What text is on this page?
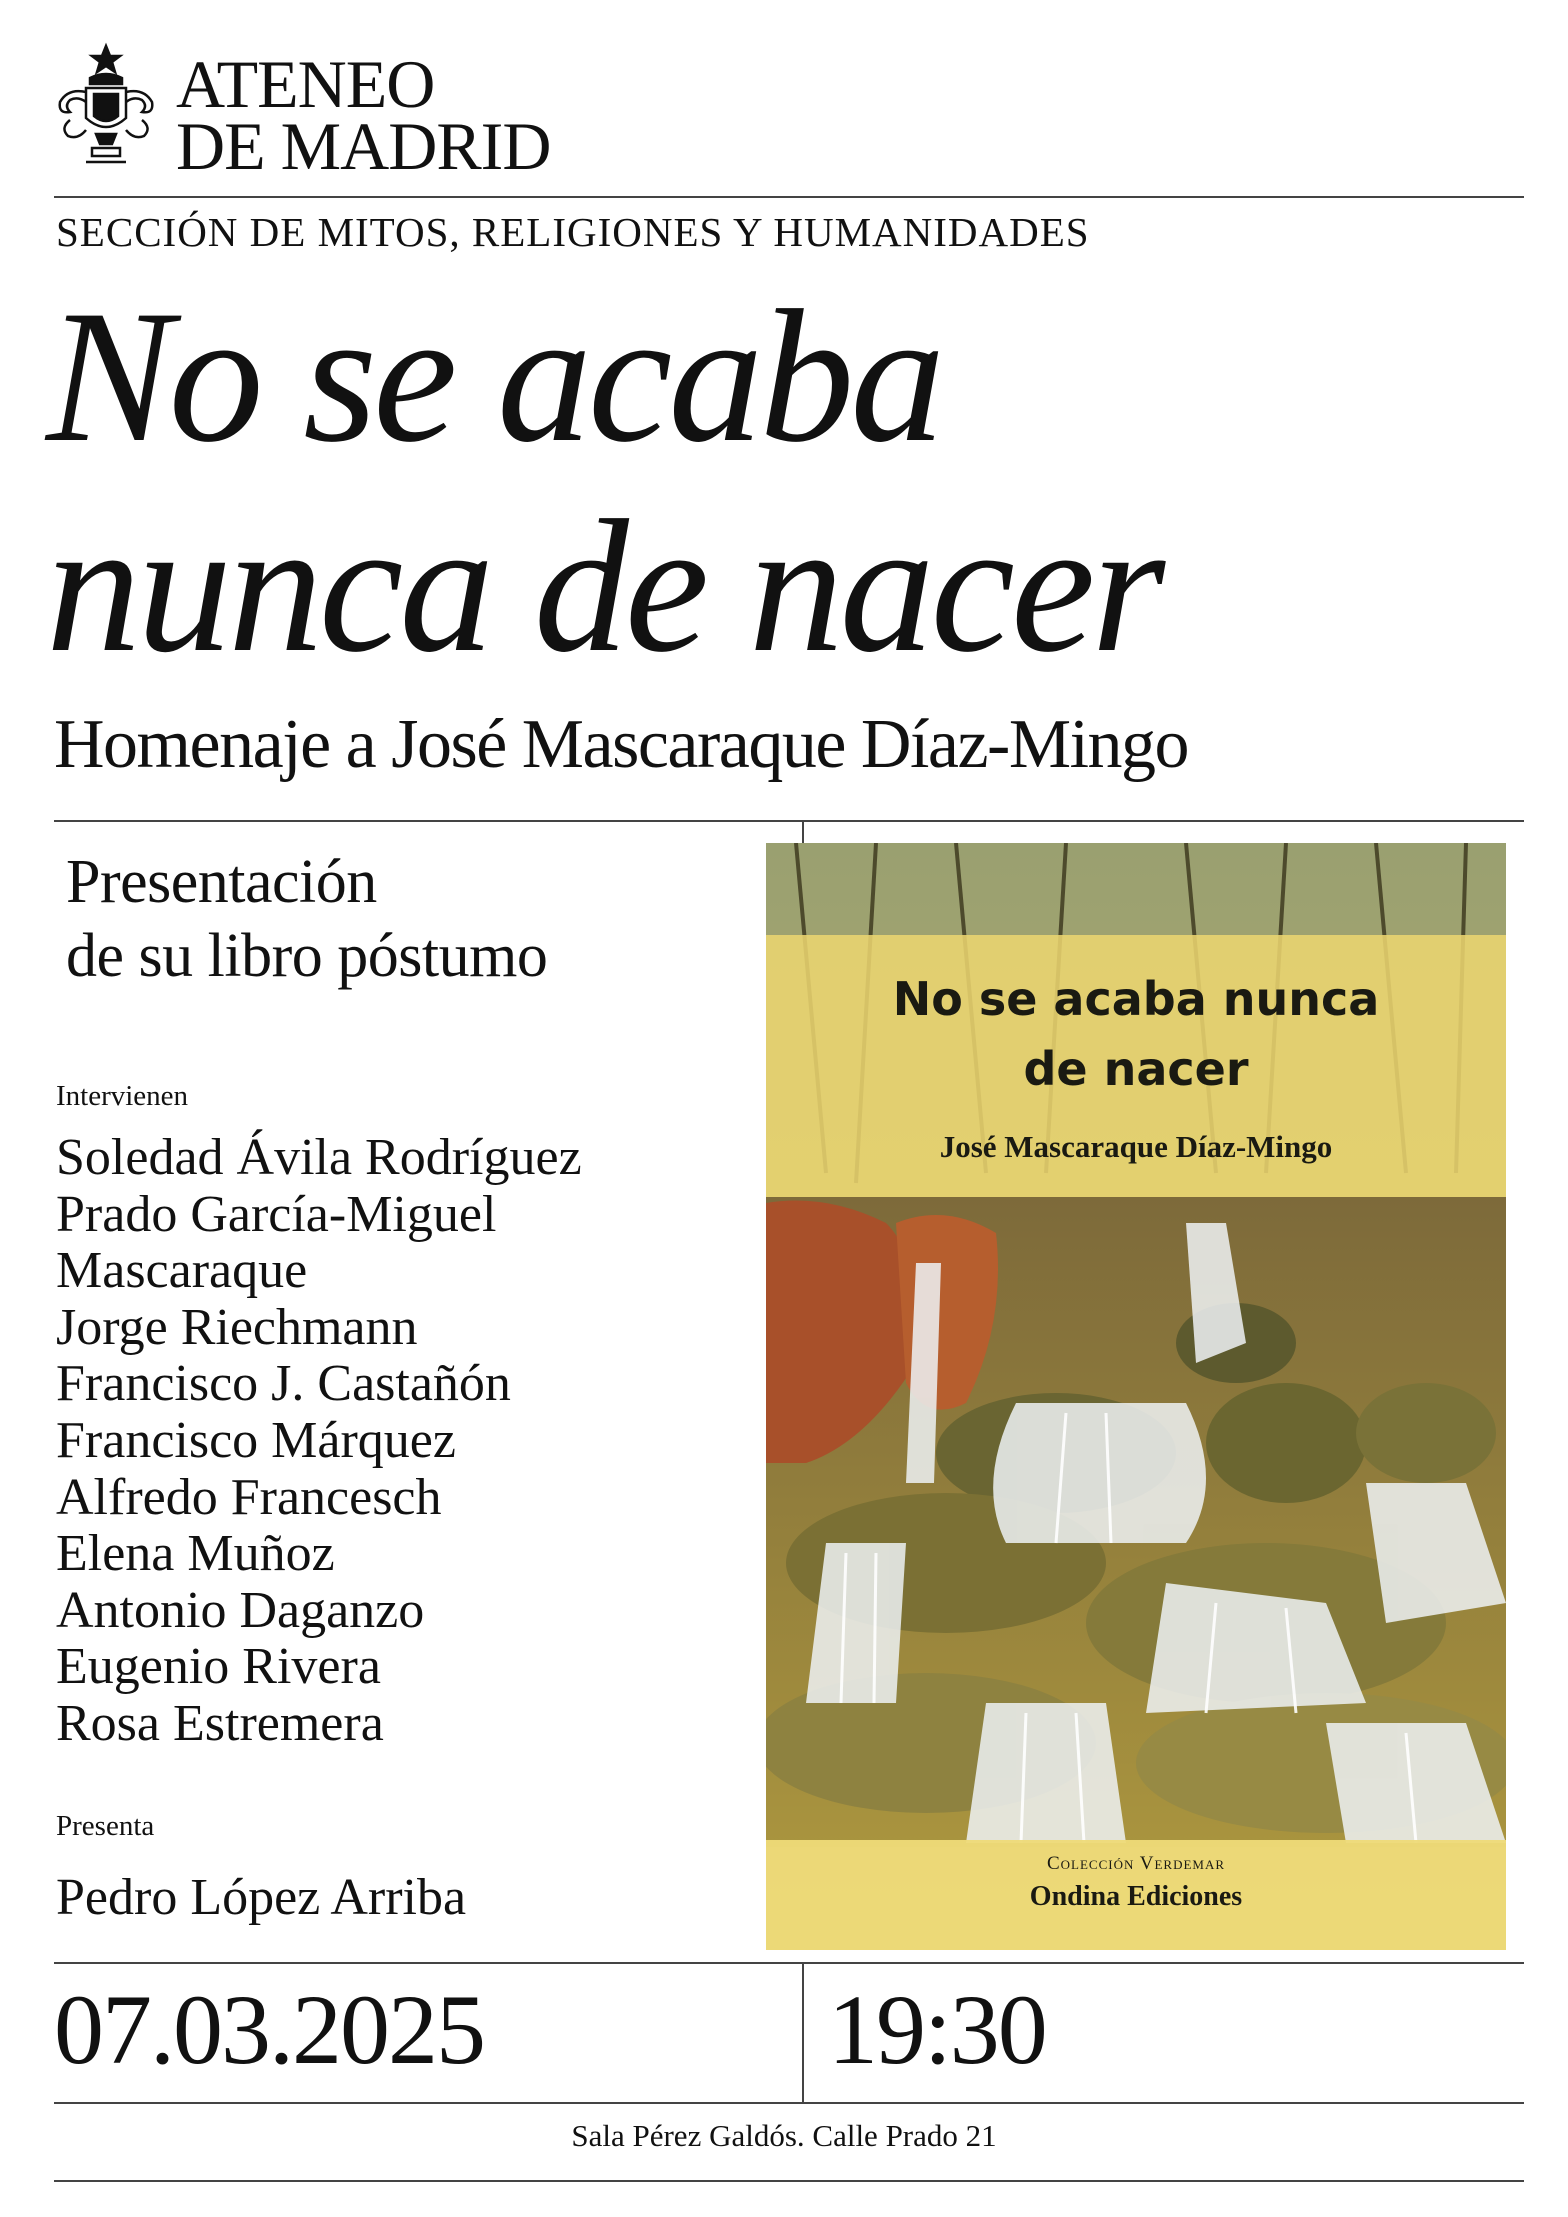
ATENEO
DE MADRID
SECCIÓN DE MITOS, RELIGIONES Y HUMANIDADES
No se acaba
nunca de nacer
Homenaje a José Mascaraque Díaz-Mingo
Presentación
de su libro póstumo
Intervienen
Soledad Ávila Rodríguez
Prado García-Miguel
Mascaraque
Jorge Riechmann
Francisco J. Castañón
Francisco Márquez
Alfredo Francesch
Elena Muñoz
Antonio Daganzo
Eugenio Rivera
Rosa Estremera
Presenta
Pedro López Arriba
No se acaba nunca
de nacer
José Mascaraque Díaz-Mingo
Colección Verdemar
Ondina Ediciones
07.03.2025	19:30
Sala Pérez Galdós. Calle Prado 21
